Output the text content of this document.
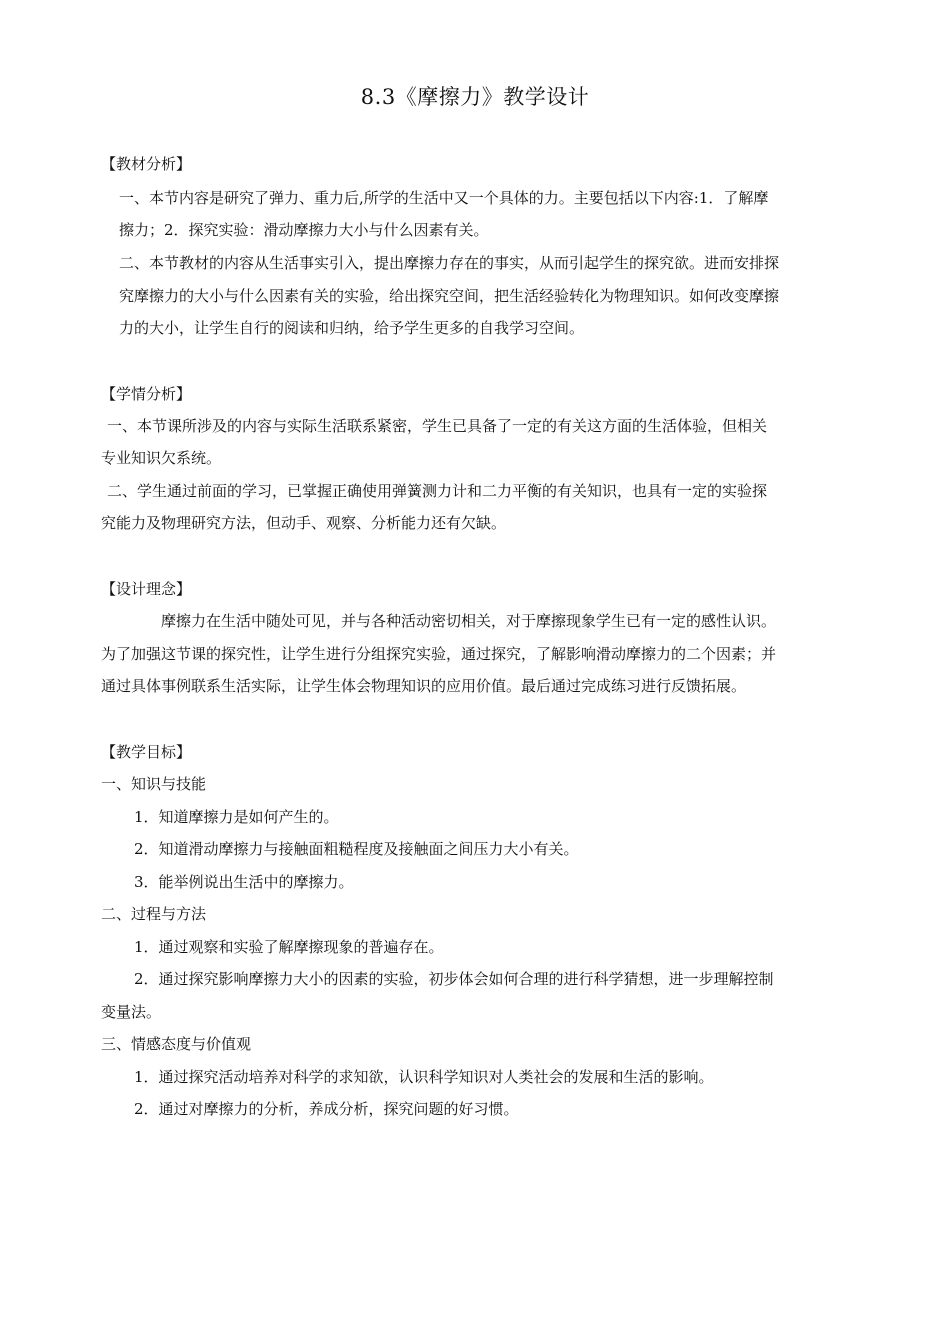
8.3《摩擦力》教学设计
【教材分析】
一、本节内容是研究了弹力、重力后,所学的生活中又一个具体的力。主要包括以下内容:1．了解摩
擦力；2．探究实验：滑动摩擦力大小与什么因素有关。
二、本节教材的内容从生活事实引入，提出摩擦力存在的事实，从而引起学生的探究欲。进而安排探
究摩擦力的大小与什么因素有关的实验，给出探究空间，把生活经验转化为物理知识。如何改变摩擦
力的大小，让学生自行的阅读和归纳，给予学生更多的自我学习空间。
【学情分析】
一、本节课所涉及的内容与实际生活联系紧密，学生已具备了一定的有关这方面的生活体验，但相关
专业知识欠系统。
二、学生通过前面的学习，已掌握正确使用弹簧测力计和二力平衡的有关知识，也具有一定的实验探
究能力及物理研究方法，但动手、观察、分析能力还有欠缺。
【设计理念】
摩擦力在生活中随处可见，并与各种活动密切相关，对于摩擦现象学生已有一定的感性认识。
为了加强这节课的探究性，让学生进行分组探究实验，通过探究，了解影响滑动摩擦力的二个因素；并
通过具体事例联系生活实际，让学生体会物理知识的应用价值。最后通过完成练习进行反馈拓展。
【教学目标】
一、知识与技能
1．知道摩擦力是如何产生的。
2．知道滑动摩擦力与接触面粗糙程度及接触面之间压力大小有关。
3．能举例说出生活中的摩擦力。
二、过程与方法
1．通过观察和实验了解摩擦现象的普遍存在。
2．通过探究影响摩擦力大小的因素的实验，初步体会如何合理的进行科学猜想，进一步理解控制
变量法。
三、情感态度与价值观
1．通过探究活动培养对科学的求知欲，认识科学知识对人类社会的发展和生活的影响。
2．通过对摩擦力的分析，养成分析，探究问题的好习惯。
